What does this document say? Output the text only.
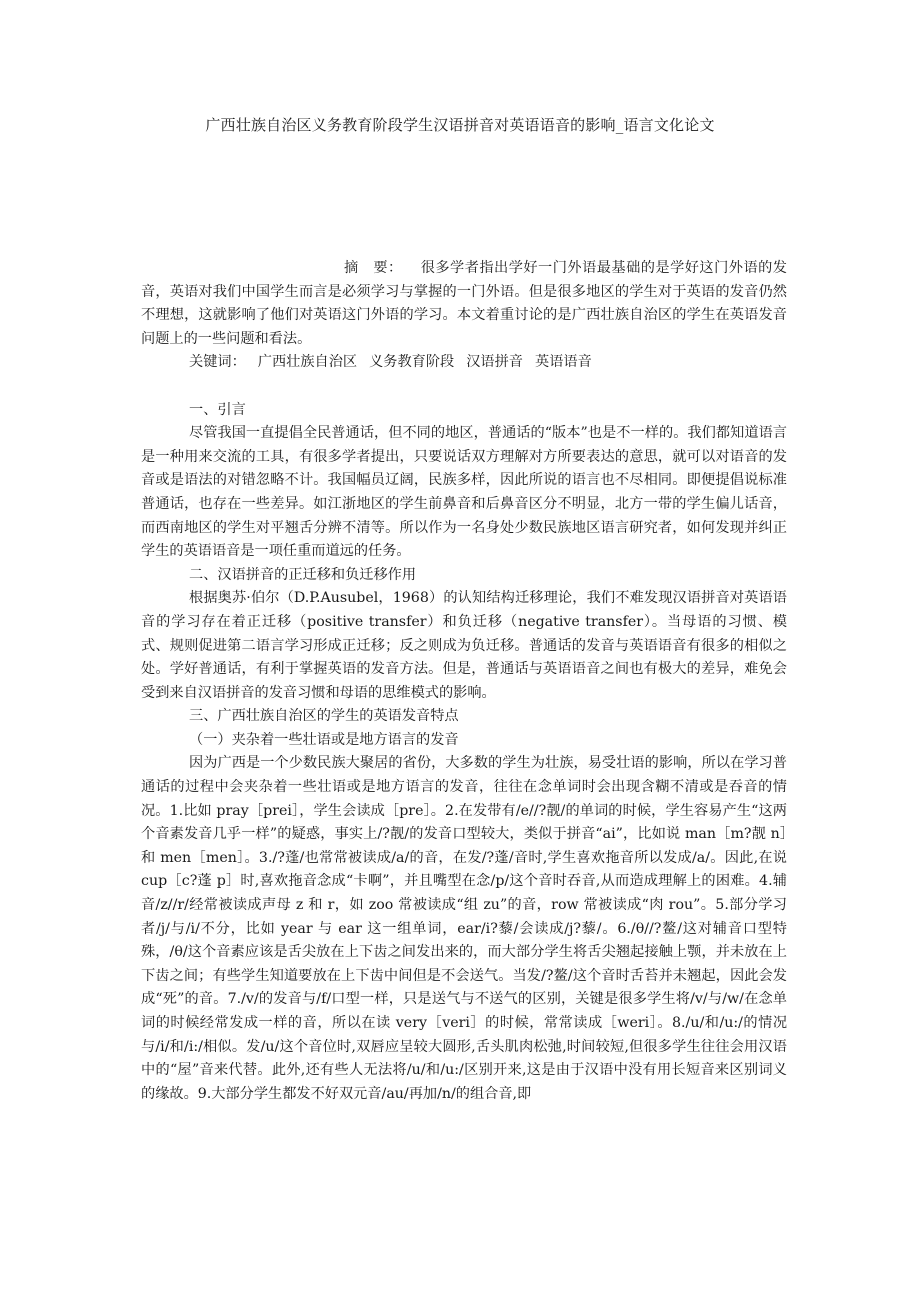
广西壮族自治区义务教育阶段学生汉语拼音对英语语音的影响_语言文化论文

摘　要： 很多学者指出学好一门外语最基础的是学好这门外语的发音，英语对我们中国学生而言是必须学习与掌握的一门外语。但是很多地区的学生对于英语的发音仍然不理想，这就影响了他们对英语这门外语的学习。本文着重讨论的是广西壮族自治区的学生在英语发音问题上的一些问题和看法。

关键词： 广西壮族自治区 义务教育阶段 汉语拼音 英语语音

一、引言

尽管我国一直提倡全民普通话，但不同的地区，普通话的“版本”也是不一样的。我们都知道语言是一种用来交流的工具，有很多学者提出，只要说话双方理解对方所要表达的意思，就可以对语音的发音或是语法的对错忽略不计。我国幅员辽阔，民族多样，因此所说的语言也不尽相同。即便提倡说标准普通话，也存在一些差异。如江浙地区的学生前鼻音和后鼻音区分不明显，北方一带的学生偏儿话音，而西南地区的学生对平翘舌分辨不清等。所以作为一名身处少数民族地区语言研究者，如何发现并纠正学生的英语语音是一项任重而道远的任务。

二、汉语拼音的正迁移和负迁移作用

根据奥苏·伯尔（D.P.Ausubel，1968）的认知结构迁移理论，我们不难发现汉语拼音对英语语音的学习存在着正迁移（positive transfer）和负迁移（negative transfer）。当母语的习惯、模式、规则促进第二语言学习形成正迁移；反之则成为负迁移。普通话的发音与英语语音有很多的相似之处。学好普通话，有利于掌握英语的发音方法。但是，普通话与英语语音之间也有极大的差异，难免会受到来自汉语拼音的发音习惯和母语的思维模式的影响。

三、广西壮族自治区的学生的英语发音特点

（一）夹杂着一些壮语或是地方语言的发音

因为广西是一个少数民族大聚居的省份，大多数的学生为壮族，易受壮语的影响，所以在学习普通话的过程中会夹杂着一些壮语或是地方语言的发音，往往在念单词时会出现含糊不清或是吞音的情况。1.比如 pray［prei］，学生会读成［pre］。2.在发带有/e//?靓/的单词的时候，学生容易产生“这两个音素发音几乎一样”的疑惑，事实上/?靓/的发音口型较大，类似于拼音“ai”，比如说 man［m?靓 n］和 men［men］。3./?蓬/也常常被读成/a/的音，在发/?蓬/音时,学生喜欢拖音所以发成/a/。因此,在说 cup［c?蓬 p］时,喜欢拖音念成“卡啊”，并且嘴型在念/p/这个音时吞音,从而造成理解上的困难。4.辅音/z//r/经常被读成声母 z 和 r，如 zoo 常被读成“组 zu”的音，row 常被读成“肉 rou”。5.部分学习者/j/与/i/不分，比如 year 与 ear 这一组单词，ear/i?藜/会读成/j?藜/。6./θ//?鳌/这对辅音口型特殊，/θ/这个音素应该是舌尖放在上下齿之间发出来的，而大部分学生将舌尖翘起接触上颚，并未放在上下齿之间；有些学生知道要放在上下齿中间但是不会送气。当发/?鳌/这个音时舌苔并未翘起，因此会发成“死”的音。7./v/的发音与/f/口型一样，只是送气与不送气的区别，关键是很多学生将/v/与/w/在念单词的时候经常发成一样的音，所以在读 very［veri］的时候，常常读成［weri］。8./u/和/u:/的情况与/i/和/i:/相似。发/u/这个音位时,双唇应呈较大圆形,舌头肌肉松弛,时间较短,但很多学生往往会用汉语中的“屋”音来代替。此外,还有些人无法将/u/和/u:/区别开来,这是由于汉语中没有用长短音来区别词义的缘故。9.大部分学生都发不好双元音/au/再加/n/的组合音,即
